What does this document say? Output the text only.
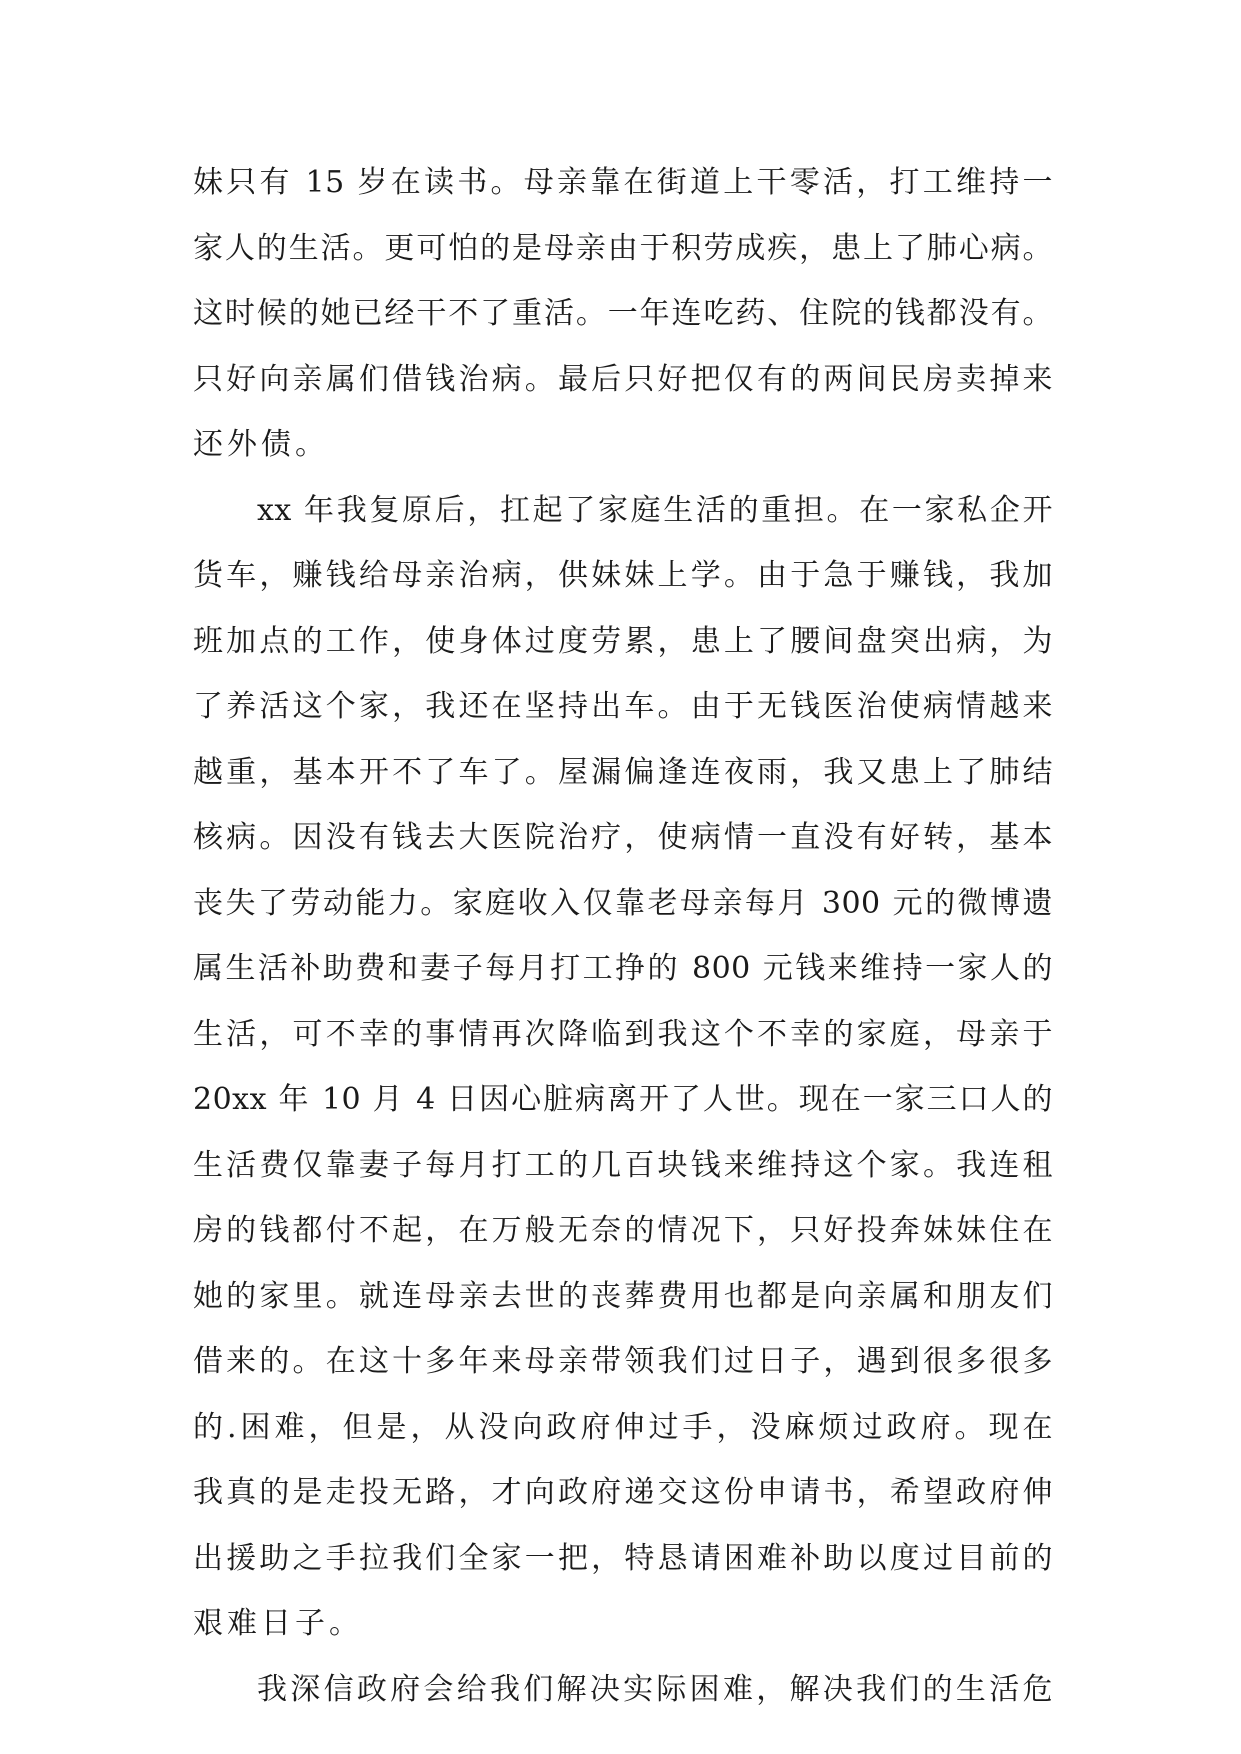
妹只有 15 岁在读书。母亲靠在街道上干零活，打工维持一
家人的生活。更可怕的是母亲由于积劳成疾，患上了肺心病。
这时候的她已经干不了重活。一年连吃药、住院的钱都没有。
只好向亲属们借钱治病。最后只好把仅有的两间民房卖掉来
还外债。
xx 年我复原后，扛起了家庭生活的重担。在一家私企开
货车，赚钱给母亲治病，供妹妹上学。由于急于赚钱，我加
班加点的工作，使身体过度劳累，患上了腰间盘突出病，为
了养活这个家，我还在坚持出车。由于无钱医治使病情越来
越重，基本开不了车了。屋漏偏逢连夜雨，我又患上了肺结
核病。因没有钱去大医院治疗，使病情一直没有好转，基本
丧失了劳动能力。家庭收入仅靠老母亲每月 300 元的微博遗
属生活补助费和妻子每月打工挣的 800 元钱来维持一家人的
生活，可不幸的事情再次降临到我这个不幸的家庭，母亲于
20xx 年 10 月 4 日因心脏病离开了人世。现在一家三口人的
生活费仅靠妻子每月打工的几百块钱来维持这个家。我连租
房的钱都付不起，在万般无奈的情况下，只好投奔妹妹住在
她的家里。就连母亲去世的丧葬费用也都是向亲属和朋友们
借来的。在这十多年来母亲带领我们过日子，遇到很多很多
的.困难，但是，从没向政府伸过手，没麻烦过政府。现在
我真的是走投无路，才向政府递交这份申请书，希望政府伸
出援助之手拉我们全家一把，特恳请困难补助以度过目前的
艰难日子。
我深信政府会给我们解决实际困难，解决我们的生活危
